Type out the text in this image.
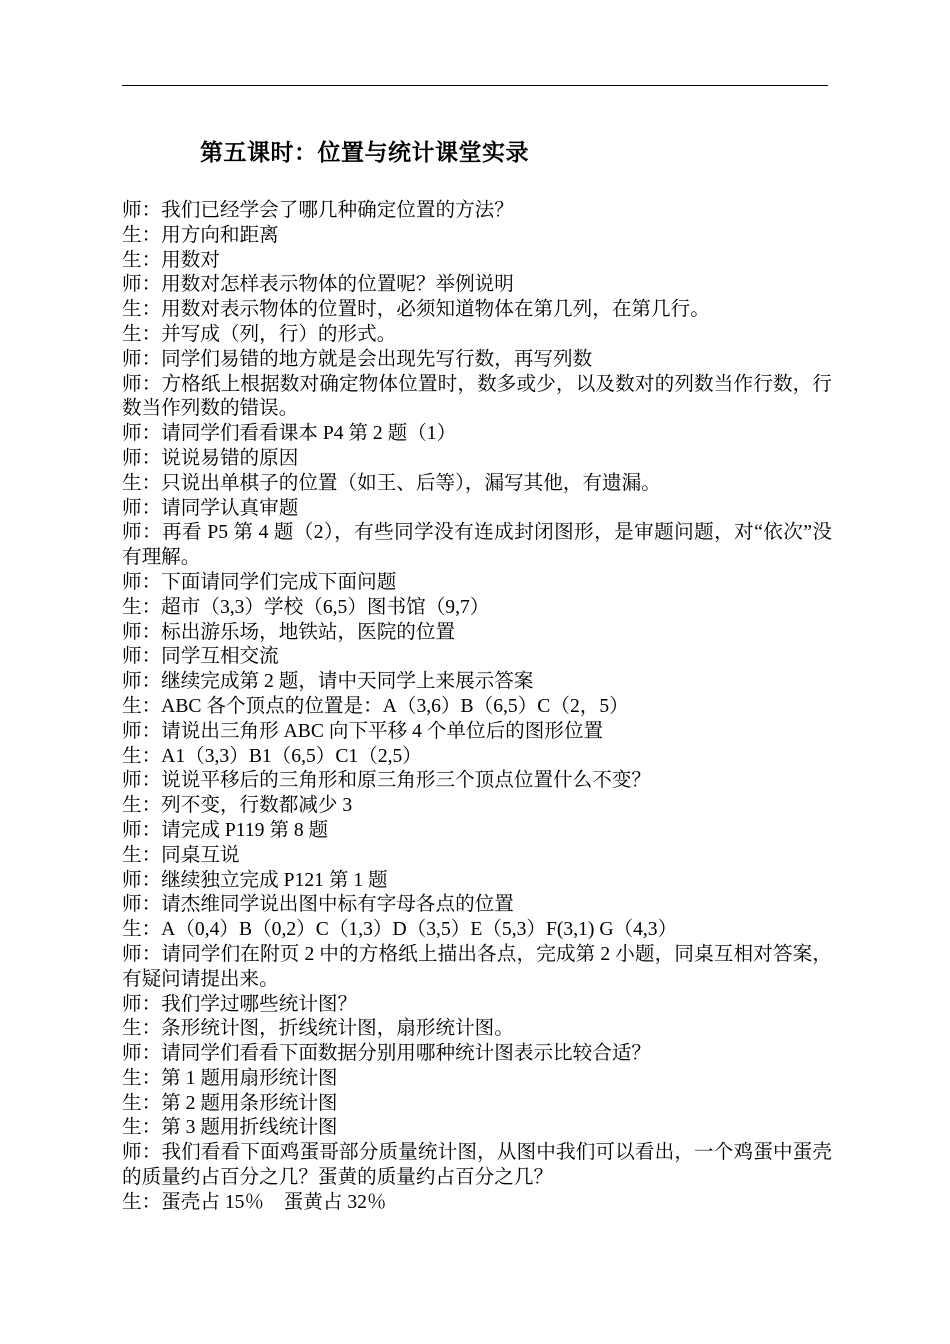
第五课时：位置与统计课堂实录

师：我们已经学会了哪几种确定位置的方法？

生：用方向和距离

生：用数对

师：用数对怎样表示物体的位置呢？举例说明

生：用数对表示物体的位置时，必须知道物体在第几列，在第几行。

生：并写成（列，行）的形式。

师：同学们易错的地方就是会出现先写行数，再写列数

师：方格纸上根据数对确定物体位置时，数多或少，以及数对的列数当作行数，行数当作列数的错误。

师：请同学们看看课本 P4 第 2 题（1）

师：说说易错的原因

生：只说出单棋子的位置（如王、后等），漏写其他，有遗漏。

师：请同学认真审题

师：再看 P5 第 4 题（2），有些同学没有连成封闭图形，是审题问题，对“依次”没有理解。

师：下面请同学们完成下面问题

生：超市（3,3）学校（6,5）图书馆（9,7）

师：标出游乐场，地铁站，医院的位置

师：同学互相交流

师：继续完成第 2 题，请中天同学上来展示答案

生：ABC 各个顶点的位置是：A（3,6）B（6,5）C（2，5）

师：请说出三角形 ABC 向下平移 4 个单位后的图形位置

生：A1（3,3）B1（6,5）C1（2,5）

师：说说平移后的三角形和原三角形三个顶点位置什么不变？

生：列不变，行数都减少 3

师：请完成 P119 第 8 题

生：同桌互说

师：继续独立完成 P121 第 1 题

师：请杰维同学说出图中标有字母各点的位置

生：A（0,4）B（0,2）C（1,3）D（3,5）E（5,3）F(3,1) G（4,3）

师：请同学们在附页 2 中的方格纸上描出各点，完成第 2 小题，同桌互相对答案，有疑问请提出来。

师：我们学过哪些统计图？

生：条形统计图，折线统计图，扇形统计图。

师：请同学们看看下面数据分别用哪种统计图表示比较合适？

生：第 1 题用扇形统计图

生：第 2 题用条形统计图

生：第 3 题用折线统计图

师：我们看看下面鸡蛋哥部分质量统计图，从图中我们可以看出，一个鸡蛋中蛋壳的质量约占百分之几？蛋黄的质量约占百分之几？

生：蛋壳占 15％　蛋黄占 32％
